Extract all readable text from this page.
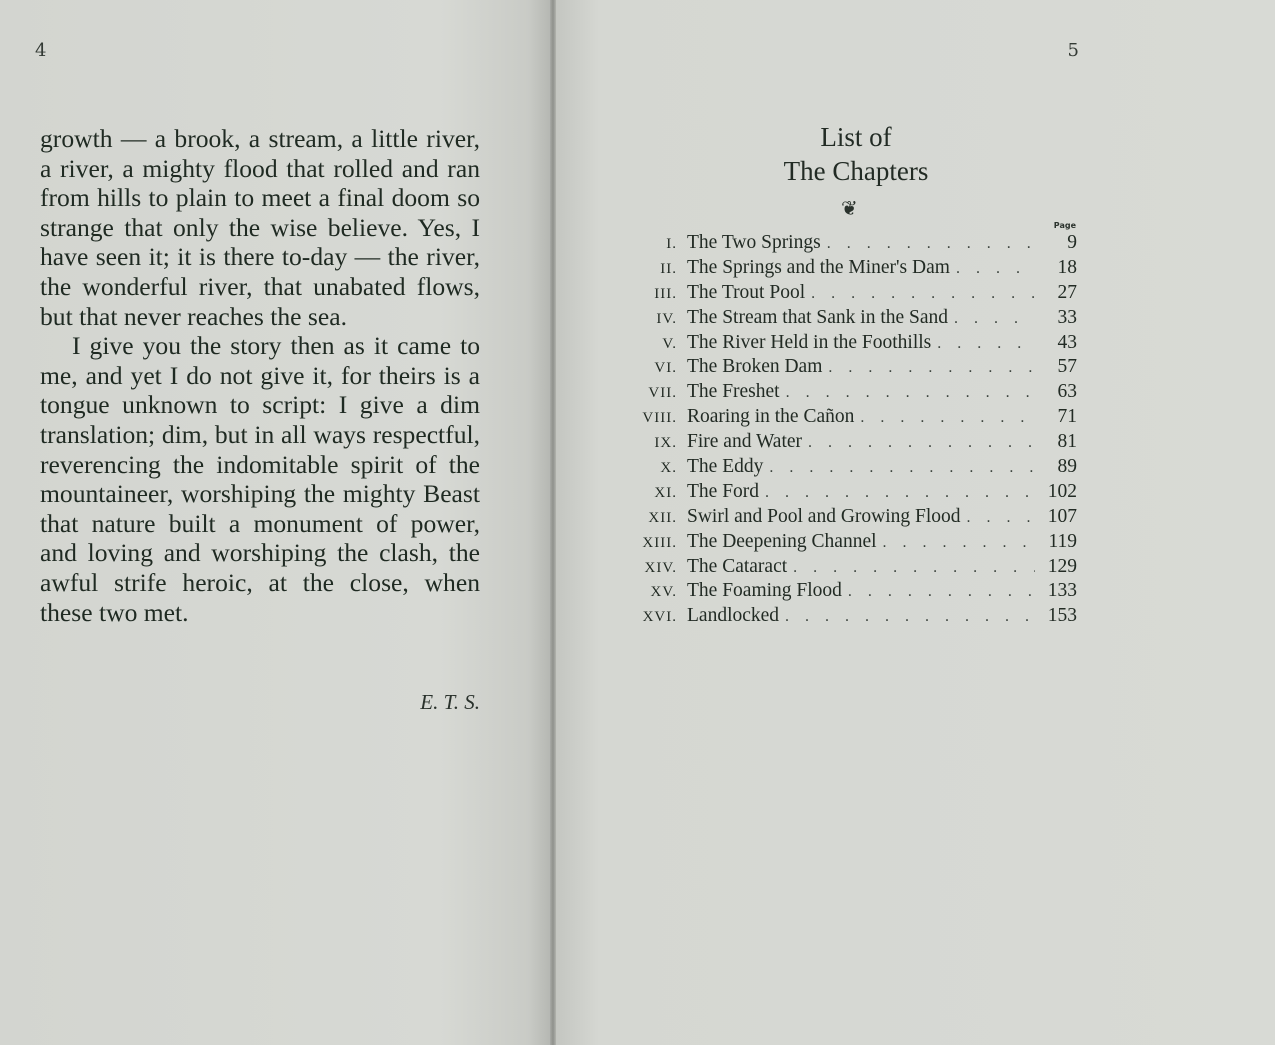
4

growth — a brook, a stream, a little river, a river, a mighty flood that rolled and ran from hills to plain to meet a final doom so strange that only the wise believe. Yes, I have seen it; it is there to-day — the river, the wonderful river, that unabated flows, but that never reaches the sea.

I give you the story then as it came to me, and yet I do not give it, for theirs is a tongue unknown to script: I give a dim translation; dim, but in all ways respectful, reverencing the indomitable spirit of the mountaineer, worshiping the mighty Beast that nature built a monument of power, and loving and worshiping the clash, the awful strife heroic, at the close, when these two met.

E. T. S.
5
List of
The Chapters
❦
Page
I. The Two Springs . . .	9
II. The Springs and the Miner's Dam . . .	18
III. The Trout Pool . . .	27
IV. The Stream that Sank in the Sand . . .	33
V. The River Held in the Foothills . . .	43
VI. The Broken Dam . . .	57
VII. The Freshet . . .	63
VIII. Roaring in the Cañon . . .	71
IX. Fire and Water . . .	81
X. The Eddy . . .	89
XI. The Ford . . .	102
XII. Swirl and Pool and Growing Flood . . .	107
XIII. The Deepening Channel . . .	119
XIV. The Cataract . . .	129
XV. The Foaming Flood . . .	133
XVI. Landlocked . . .	153
